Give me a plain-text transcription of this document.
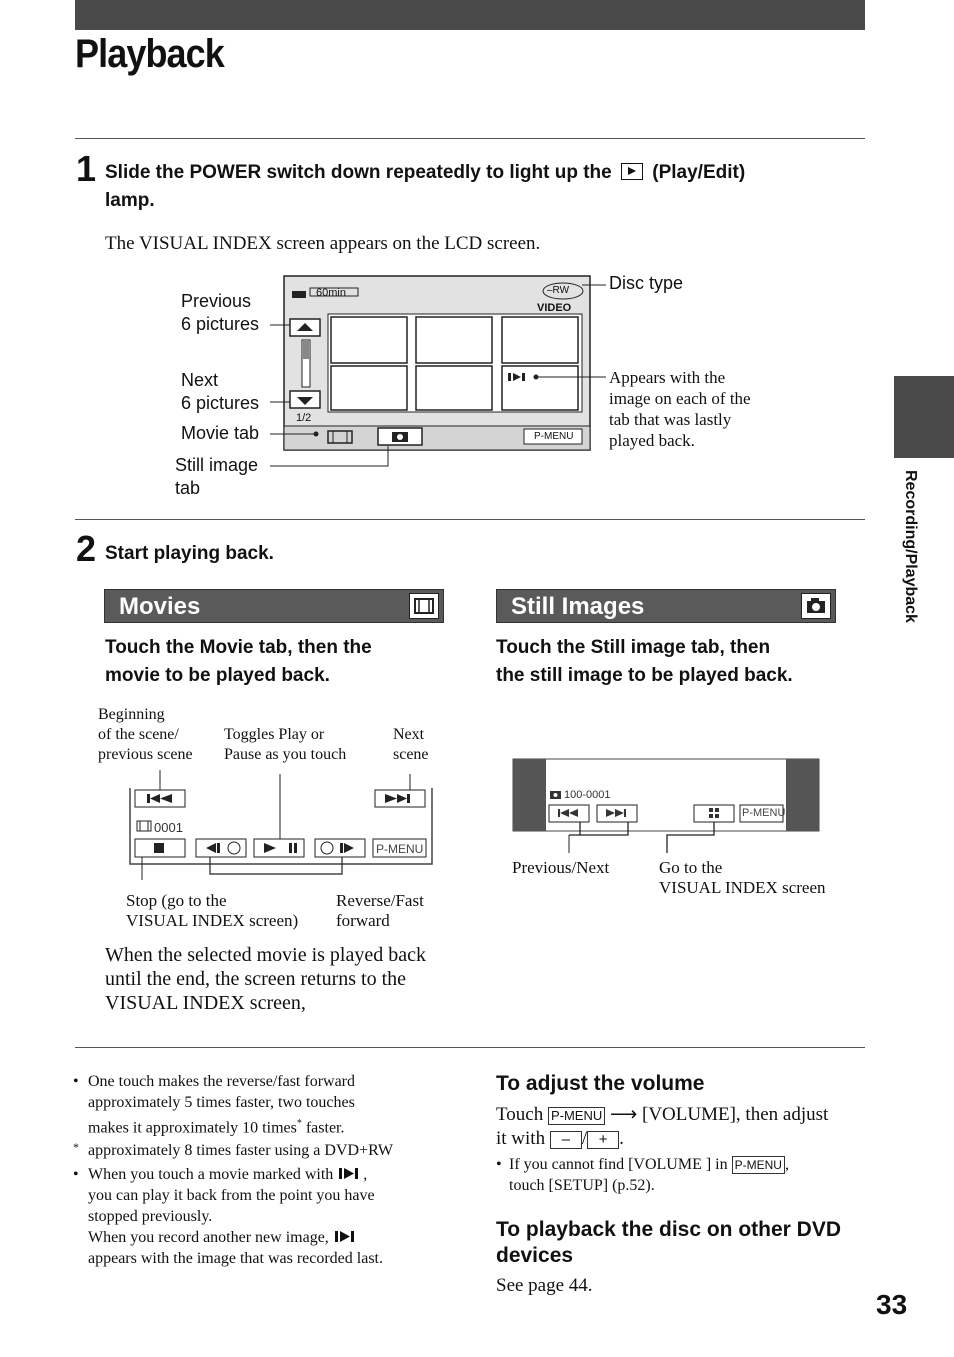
Playback
Recording/Playback
1 Slide the POWER switch down repeatedly to light up the (Play/Edit)
lamp.
The VISUAL INDEX screen appears on the LCD screen.
60min	–RW
VIDEO
1/2
P-MENU
Previous
6 pictures
Next
6 pictures
Movie tab
Still image
tab
Disc type
Appears with the
image on each of the
tab that was lastly
played back.
2 Start playing back.
Movies
Touch the Movie tab, then the
movie to be played back.
Beginning
of the scene/
previous scene
Toggles Play or
Pause as you touch
Next
scene
0001
P-MENU
Stop (go to the
VISUAL INDEX screen)
Reverse/Fast
forward
When the selected movie is played back
until the end, the screen returns to the
VISUAL INDEX screen,
Still Images
Touch the Still image tab, then
the still image to be played back.
100-0001
P-MENU
Previous/Next	Go to the
VISUAL INDEX screen
• One touch makes the reverse/fast forward
approximately 5 times faster, two touches
makes it approximately 10 times* faster.
* approximately 8 times faster using a DVD+RW
• When you touch a movie marked with ,
you can play it back from the point you have
stopped previously.
When you record another new image,
appears with the image that was recorded last.
To adjust the volume
Touch P-MENU ⟶ [VOLUME], then adjust
it with – / + .
• If you cannot find [VOLUME ] in P-MENU ,
touch [SETUP] (p.52).
To playback the disc on other DVD
devices
See page 44.
33
